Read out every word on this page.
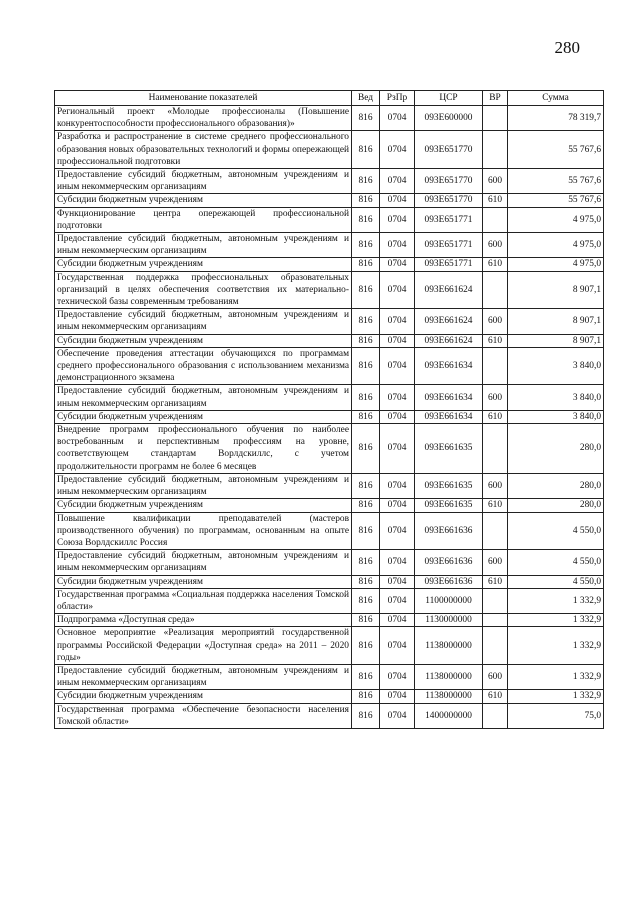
280
Наименование показателей	Вед	РзПр	ЦСР	ВР	Сумма
Региональный проект «Молодые профессионалы (Повышение конкурентоспособности профессионального образования)»	816	0704	093E600000		78 319,7
Разработка и распространение в системе среднего профессионального образования новых образовательных технологий и формы опережающей профессиональной подготовки	816	0704	093E651770		55 767,6
Предоставление субсидий бюджетным, автономным учреждениям и иным некоммерческим организациям	816	0704	093E651770	600	55 767,6
Субсидии бюджетным учреждениям	816	0704	093E651770	610	55 767,6
Функционирование центра опережающей профессиональной подготовки	816	0704	093E651771		4 975,0
Предоставление субсидий бюджетным, автономным учреждениям и иным некоммерческим организациям	816	0704	093E651771	600	4 975,0
Субсидии бюджетным учреждениям	816	0704	093E651771	610	4 975,0
Государственная поддержка профессиональных образовательных организаций в целях обеспечения соответствия их материально-технической базы современным требованиям	816	0704	093E661624		8 907,1
Предоставление субсидий бюджетным, автономным учреждениям и иным некоммерческим организациям	816	0704	093E661624	600	8 907,1
Субсидии бюджетным учреждениям	816	0704	093E661624	610	8 907,1
Обеспечение проведения аттестации обучающихся по программам среднего профессионального образования с использованием механизма демонстрационного экзамена	816	0704	093E661634		3 840,0
Предоставление субсидий бюджетным, автономным учреждениям и иным некоммерческим организациям	816	0704	093E661634	600	3 840,0
Субсидии бюджетным учреждениям	816	0704	093E661634	610	3 840,0
Внедрение программ профессионального обучения по наиболее востребованным и перспективным профессиям на уровне, соответствующем стандартам Ворлдскиллс, с учетом продолжительности программ не более 6 месяцев	816	0704	093E661635		280,0
Предоставление субсидий бюджетным, автономным учреждениям и иным некоммерческим организациям	816	0704	093E661635	600	280,0
Субсидии бюджетным учреждениям	816	0704	093E661635	610	280,0
Повышение квалификации преподавателей (мастеров производственного обучения) по программам, основанным на опыте Союза Ворлдскиллс Россия	816	0704	093E661636		4 550,0
Предоставление субсидий бюджетным, автономным учреждениям и иным некоммерческим организациям	816	0704	093E661636	600	4 550,0
Субсидии бюджетным учреждениям	816	0704	093E661636	610	4 550,0
Государственная программа «Социальная поддержка населения Томской области»	816	0704	1100000000		1 332,9
Подпрограмма «Доступная среда»	816	0704	1130000000		1 332,9
Основное мероприятие «Реализация мероприятий государственной программы Российской Федерации «Доступная среда» на 2011 – 2020 годы»	816	0704	1138000000		1 332,9
Предоставление субсидий бюджетным, автономным учреждениям и иным некоммерческим организациям	816	0704	1138000000	600	1 332,9
Субсидии бюджетным учреждениям	816	0704	1138000000	610	1 332,9
Государственная программа «Обеспечение безопасности населения Томской области»	816	0704	1400000000		75,0
